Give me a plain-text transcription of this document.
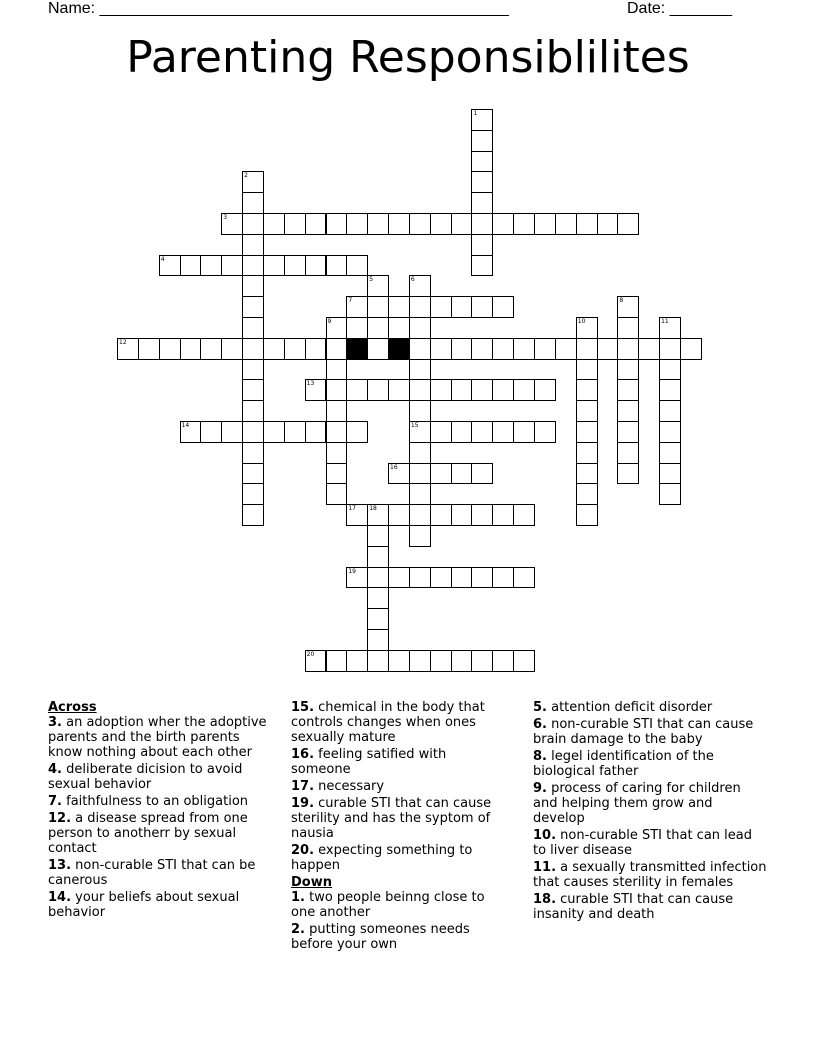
Name: ______________________________________________	Date: _______
Parenting Responsiblilites
1
2
3
4
5	6
15
7	8
9	10	11
12
13
14
16
17 18
19
20
Across
3. an adoption wher the adoptive parents and the birth parents know nothing about each other
4. deliberate dicision to avoid sexual behavior
7. faithfulness to an obligation
12. a disease spread from one person to anotherr by sexual contact
13. non-curable STI that can be canerous
14. your beliefs about sexual behavior
15. chemical in the body that controls changes when ones sexually mature
16. feeling satified with someone
17. necessary
19. curable STI that can cause sterility and has the syptom of nausia
20. expecting something to happen
Down
1. two people beinng close to one another
2. putting someones needs before your own
5. attention deficit disorder
6. non-curable STI that can cause brain damage to the baby
8. legel identification of the biological father
9. process of caring for children and helping them grow and develop
10. non-curable STI that can lead to liver disease
11. a sexually transmitted infection that causes sterility in females
18. curable STI that can cause insanity and death
